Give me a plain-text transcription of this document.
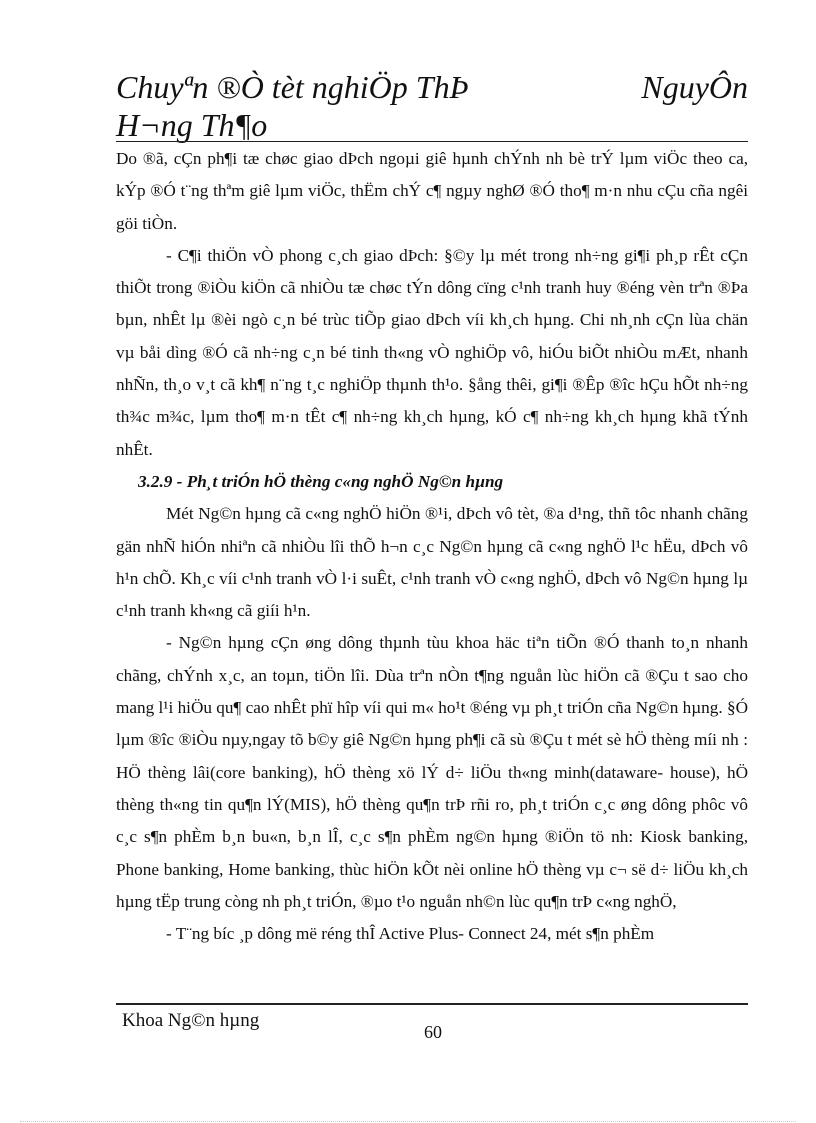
Chuyªn ®Ò tèt nghiÖp ThÞ H¬ng Th¶o
NguyÔn

Do ®ã, cÇn ph¶i tæ chøc giao dÞch ngoµi giê hµnh chÝnh nh bè trÝ lµm viÖc theo ca, kÝp ®Ó t¨ng thªm giê lµm viÖc, thËm chÝ c¶ ngµy nghØ ®Ó tho¶ m·n nhu cÇu cña ngêi göi tiÒn.

- C¶i thiÖn vÒ phong c¸ch giao dÞch: §©y lµ mét trong nh÷ng gi¶i ph¸p rÊt cÇn thiÕt trong ®iÒu kiÖn cã nhiÒu tæ chøc tÝn dông cïng c¹nh tranh huy ®éng vèn trªn ®Þa bµn, nhÊt lµ ®èi ngò c¸n bé trùc tiÕp giao dÞch víi kh¸ch hµng. Chi nh¸nh cÇn lùa chän vµ båi dìng ®Ó cã nh÷ng c¸n bé tinh th«ng vÒ nghiÖp vô, hiÓu biÕt nhiÒu mÆt, nhanh nhÑn, th¸o v¸t cã kh¶ n¨ng t¸c nghiÖp thµnh th¹o. §ång thêi, gi¶i ®Êp ®îc hÇu hÕt nh÷ng th¾c m¾c, lµm tho¶ m·n tÊt c¶ nh÷ng kh¸ch hµng, kÓ c¶ nh÷ng kh¸ch hµng khã tÝnh nhÊt.

3.2.9 - Ph¸t triÓn hÖ thèng c«ng nghÖ Ng©n hµng

Mét Ng©n hµng cã c«ng nghÖ hiÖn ®¹i, dÞch vô tèt, ®a d¹ng, thñ tôc nhanh chãng gän nhÑ hiÓn nhiªn cã nhiÒu lîi thÕ h¬n c¸c Ng©n hµng cã c«ng nghÖ l¹c hËu, dÞch vô h¹n chÕ. Kh¸c víi c¹nh tranh vÒ l·i suÊt, c¹nh tranh vÒ c«ng nghÖ, dÞch vô Ng©n hµng lµ c¹nh tranh kh«ng cã giíi h¹n.

- Ng©n hµng cÇn øng dông thµnh tùu khoa häc tiªn tiÕn ®Ó thanh to¸n nhanh chãng, chÝnh x¸c, an toµn, tiÖn lîi. Dùa trªn nÒn t¶ng nguån lùc hiÖn cã ®Çu t sao cho mang l¹i hiÖu qu¶ cao nhÊt phï hîp víi qui m« ho¹t ®éng vµ ph¸t triÓn cña Ng©n hµng. §Ó lµm ®îc ®iÒu nµy,ngay tõ b©y giê Ng©n hµng ph¶i cã sù ®Çu t mét sè hÖ thèng míi nh : HÖ thèng lâi(core banking), hÖ thèng xö lÝ d÷ liÖu th«ng minh(dataware- house), hÖ thèng th«ng tin qu¶n lÝ(MIS), hÖ thèng qu¶n trÞ rñi ro, ph¸t triÓn c¸c øng dông phôc vô c¸c s¶n phÈm b¸n bu«n, b¸n lÎ, c¸c s¶n phÈm ng©n hµng ®iÖn tö nh: Kiosk banking, Phone banking, Home banking, thùc hiÖn kÕt nèi online hÖ thèng vµ c¬ së d÷ liÖu kh¸ch hµng tËp trung còng nh ph¸t triÓn, ®µo t¹o nguån nh©n lùc qu¶n trÞ c«ng nghÖ,

- T¨ng bíc ¸p dông më réng thÎ Active Plus- Connect 24, mét s¶n phÈm

Khoa Ng©n hµng
60
